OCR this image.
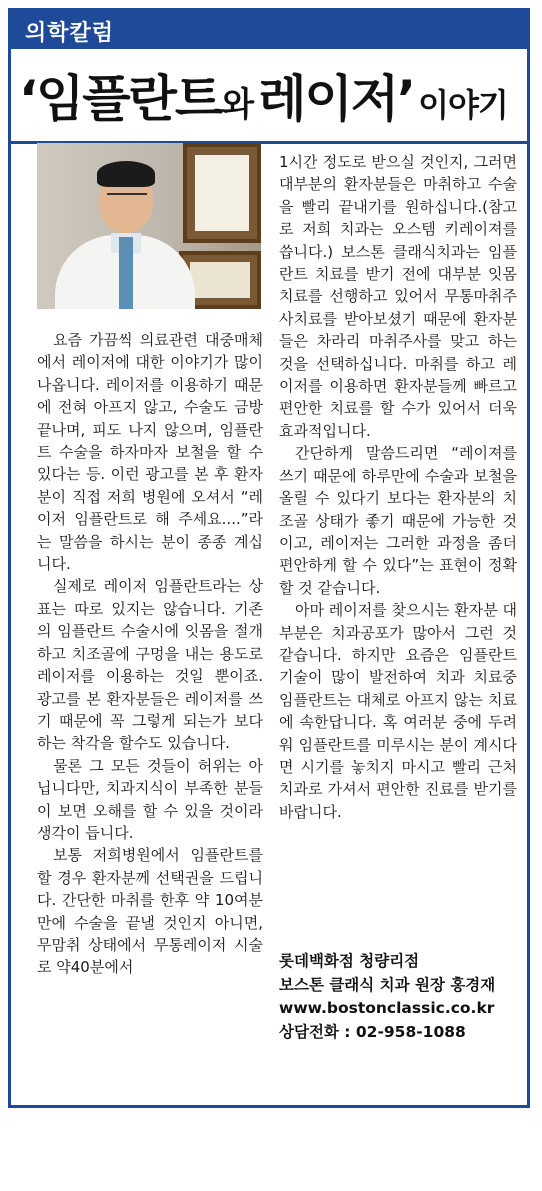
의학칼럼
‘임플란트와 레이저’ 이야기

요즘 가끔씩 의료관련 대중매체에서 레이저에 대한 이야기가 많이 나옵니다. 레이저를 이용하기 때문에 전혀 아프지 않고, 수술도 금방 끝나며, 피도 나지 않으며, 임플란트 수술을 하자마자 보철을 할 수 있다는 등. 이런 광고를 본 후 환자분이 직접 저희 병원에 오셔서 “레이저 임플란트로 해 주세요....”라는 말씀을 하시는 분이 종종 계십니다.

실제로 레이저 임플란트라는 상표는 따로 있지는 않습니다. 기존의 임플란트 수술시에 잇몸을 절개하고 치조골에 구멍을 내는 용도로 레이저를 이용하는 것일 뿐이죠. 광고를 본 환자분들은 레이저를 쓰기 때문에 꼭 그렇게 되는가 보다 하는 착각을 할수도 있습니다.

물론 그 모든 것들이 허위는 아닙니다만, 치과지식이 부족한 분들이 보면 오해를 할 수 있을 것이라 생각이 듭니다.

보통 저희병원에서 임플란트를 할 경우 환자분께 선택권을 드립니다. 간단한 마취를 한후 약 10여분만에 수술을 끝낼 것인지 아니면, 무맘취 상태에서 무통레이저 시술로 약40분에서

1시간 정도로 받으실 것인지, 그러면 대부분의 환자분들은 마취하고 수술을 빨리 끝내기를 원하십니다.(참고로 저희 치과는 오스템 키레이져를 씁니다.) 보스톤 클래식치과는 임플란트 치료를 받기 전에 대부분 잇몸치료를 선행하고 있어서 무통마취주사치료를 받아보셨기 때문에 환자분들은 차라리 마취주사를 맞고 하는 것을 선택하십니다. 마취를 하고 레이저를 이용하면 환자분들께 빠르고 편안한 치료를 할 수가 있어서 더욱 효과적입니다.

간단하게 말씀드리면 “레이져를 쓰기 때문에 하루만에 수술과 보철을 올릴 수 있다기 보다는 환자분의 치조골 상태가 좋기 때문에 가능한 것이고, 레이저는 그러한 과정을 좀더 편안하게 할 수 있다”는 표현이 정확할 것 같습니다.

아마 레이저를 찾으시는 환자분 대부분은 치과공포가 많아서 그런 것 같습니다. 하지만 요즘은 임플란트 기술이 많이 발전하여 치과 치료중 임플란트는 대체로 아프지 않는 치료에 속한답니다. 혹 여러분 중에 두려워 임플란트를 미루시는 분이 계시다면 시기를 놓치지 마시고 빨리 근처 치과로 가셔서 편안한 진료를 받기를 바랍니다.

롯데백화점 청량리점
보스톤 클래식 치과 원장 홍경재
www.bostonclassic.co.kr
상담전화 : 02-958-1088
